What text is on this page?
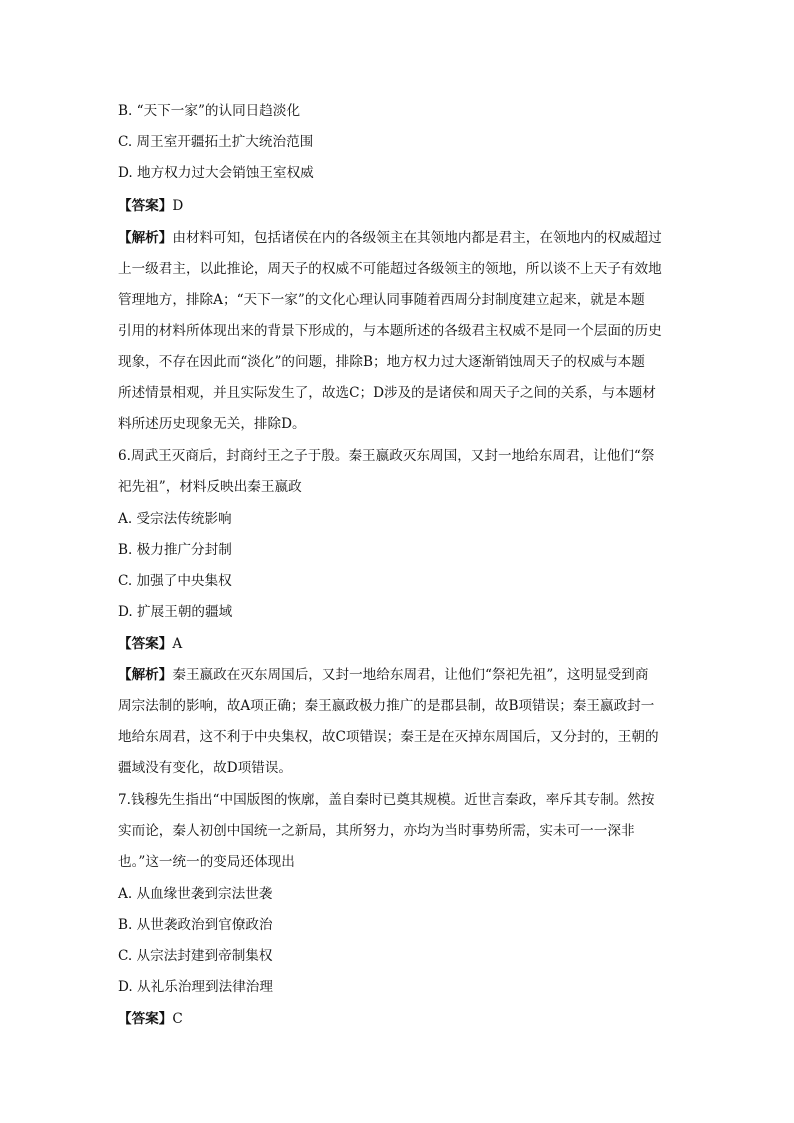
B. “天下一家”的认同日趋淡化
C. 周王室开疆拓土扩大统治范围
D. 地方权力过大会销蚀王室权威
【答案】D
【解析】由材料可知，包括诸侯在内的各级领主在其领地内都是君主，在领地内的权威超过
上一级君主，以此推论，周天子的权威不可能超过各级领主的领地，所以谈不上天子有效地
管理地方，排除A；“天下一家”的文化心理认同事随着西周分封制度建立起来，就是本题
引用的材料所体现出来的背景下形成的，与本题所述的各级君主权威不是同一个层面的历史
现象，不存在因此而“淡化”的问题，排除B；地方权力过大逐渐销蚀周天子的权威与本题
所述情景相观，并且实际发生了，故选C；D涉及的是诸侯和周天子之间的关系，与本题材
料所述历史现象无关，排除D。
6.周武王灭商后，封商纣王之子于殷。秦王嬴政灭东周国，又封一地给东周君，让他们“祭
祀先祖”，材料反映出秦王嬴政
A. 受宗法传统影响
B. 极力推广分封制
C. 加强了中央集权
D. 扩展王朝的疆域
【答案】A
【解析】秦王嬴政在灭东周国后，又封一地给东周君，让他们“祭祀先祖”，这明显受到商
周宗法制的影响，故A项正确；秦王嬴政极力推广的是郡县制，故B项错误；秦王嬴政封一
地给东周君，这不利于中央集权，故C项错误；秦王是在灭掉东周国后，又分封的，王朝的
疆域没有变化，故D项错误。
7.钱穆先生指出“中国版图的恢廓，盖自秦时已奠其规模。近世言秦政，率斥其专制。然按
实而论，秦人初创中国统一之新局，其所努力，亦均为当时事势所需，实未可一一深非
也。”这一统一的变局还体现出
A. 从血缘世袭到宗法世袭
B. 从世袭政治到官僚政治
C. 从宗法封建到帝制集权
D. 从礼乐治理到法律治理
【答案】C
